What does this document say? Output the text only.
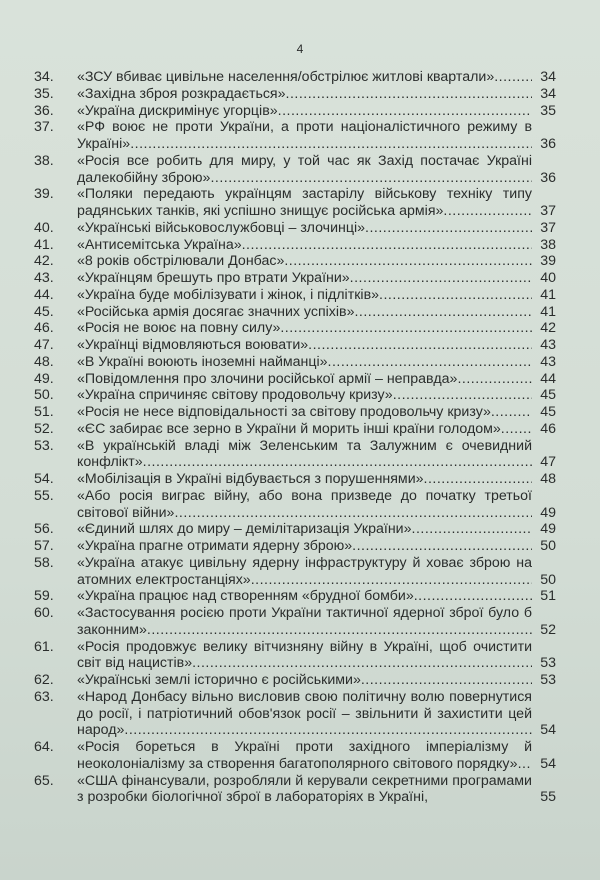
4
34.	«ЗСУ вбиває цивільне населення/обстрілює житлові квартали» .....	34
35.	«Західна зброя розкрадається» .....	34
36.	«Україна дискримінує угорців» .....	35
37.	«РФ воює не проти України, а проти націоналістичного режиму в Україні» .....	36
38.	«Росія все робить для миру, у той час як Захід постачає Україні далекобійну зброю» .....	36
39.	«Поляки передають українцям застарілу військову техніку типу радянських танків, які успішно знищує російська армія» .....	37
40.	«Українські військовослужбовці – злочинці» .....	37
41.	«Антисемітська Україна» .....	38
42.	«8 років обстрілювали Донбас» .....	39
43.	«Українцям брешуть про втрати України» .....	40
44.	«Україна буде мобілізувати і жінок, і підлітків» .....	41
45.	«Російська армія досягає значних успіхів» .....	41
46.	«Росія не воює на повну силу» .....	42
47.	«Українці відмовляються воювати» .....	43
48.	«В Україні воюють іноземні найманці» .....	43
49.	«Повідомлення про злочини російської армії – неправда» .....	44
50.	«Україна спричиняє світову продовольчу кризу» .....	45
51.	«Росія не несе відповідальності за світову продовольчу кризу» .....	45
52.	«ЄС забирає все зерно в України й морить інші країни голодом» .....	46
53.	«В українській владі між Зеленським та Залужним є очевидний конфлікт» .....	47
54.	«Мобілізація в Україні відбувається з порушеннями» .....	48
55.	«Або росія виграє війну, або вона призведе до початку третьої світової війни» .....	49
56.	«Єдиний шлях до миру – демілітаризація України» .....	49
57.	«Україна прагне отримати ядерну зброю» .....	50
58.	«Україна атакує цивільну ядерну інфраструктуру й ховає зброю на атомних електростанціях» .....	50
59.	«Україна працює над створенням «брудної бомби» .....	51
60.	«Застосування росією проти України тактичної ядерної зброї було б законним» .....	52
61.	«Росія продовжує велику вітчизняну війну в Україні, щоб очистити світ від нацистів» .....	53
62.	«Українські землі історично є російськими» .....	53
63.	«Народ Донбасу вільно висловив свою політичну волю повернутися до росії, і патріотичний обов'язок росії – звільнити й захистити цей народ» .....	54
64.	«Росія бореться в Україні проти західного імперіалізму й неоколоніалізму за створення багатополярного світового порядку» .....	54
65.	«США фінансували, розробляли й керували секретними програмами з розробки біологічної зброї в лабораторіях в Україні,	55
